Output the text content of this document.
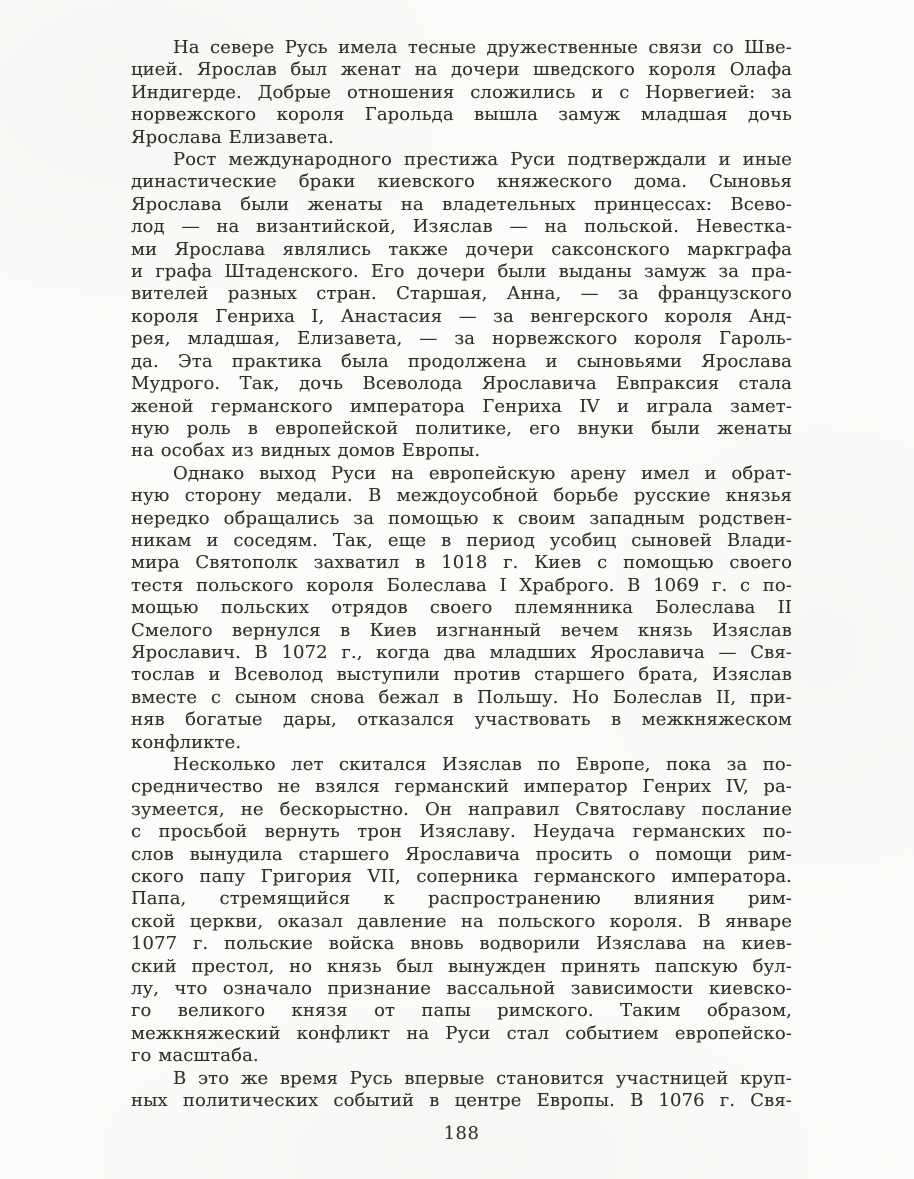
На севере Русь имела тесные дружественные связи со Шве-
цией. Ярослав был женат на дочери шведского короля Олафа
Индигерде. Добрые отношения сложились и с Норвегией: за
норвежского короля Гарольда вышла замуж младшая дочь
Ярослава Елизавета.

Рост международного престижа Руси подтверждали и иные
династические браки киевского княжеского дома. Сыновья
Ярослава были женаты на владетельных принцессах: Всево-
лод — на византийской, Изяслав — на польской. Невестка-
ми Ярослава являлись также дочери саксонского маркграфа
и графа Штаденского. Его дочери были выданы замуж за пра-
вителей разных стран. Старшая, Анна, — за французского
короля Генриха I, Анастасия — за венгерского короля Анд-
рея, младшая, Елизавета, — за норвежского короля Гароль-
да. Эта практика была продолжена и сыновьями Ярослава
Мудрого. Так, дочь Всеволода Ярославича Евпраксия стала
женой германского императора Генриха IV и играла замет-
ную роль в европейской политике, его внуки были женаты
на особах из видных домов Европы.

Однако выход Руси на европейскую арену имел и обрат-
ную сторону медали. В междоусобной борьбе русские князья
нередко обращались за помощью к своим западным родствен-
никам и соседям. Так, еще в период усобиц сыновей Влади-
мира Святополк захватил в 1018 г. Киев с помощью своего
тестя польского короля Болеслава I Храброго. В 1069 г. с по-
мощью польских отрядов своего племянника Болеслава II
Смелого вернулся в Киев изгнанный вечем князь Изяслав
Ярославич. В 1072 г., когда два младших Ярославича — Свя-
тослав и Всеволод выступили против старшего брата, Изяслав
вместе с сыном снова бежал в Польшу. Но Болеслав II, при-
няв богатые дары, отказался участвовать в межкняжеском
конфликте.

Несколько лет скитался Изяслав по Европе, пока за по-
средничество не взялся германский император Генрих IV, ра-
зумеется, не бескорыстно. Он направил Святославу послание
с просьбой вернуть трон Изяславу. Неудача германских по-
слов вынудила старшего Ярославича просить о помощи рим-
ского папу Григория VII, соперника германского императора.
Папа, стремящийся к распространению влияния рим-
ской церкви, оказал давление на польского короля. В январе
1077 г. польские войска вновь водворили Изяслава на киев-
ский престол, но князь был вынужден принять папскую бул-
лу, что означало признание вассальной зависимости киевско-
го великого князя от папы римского. Таким образом,
межкняжеский конфликт на Руси стал событием европейско-
го масштаба.

В это же время Русь впервые становится участницей круп-
ных политических событий в центре Европы. В 1076 г. Свя-

188
